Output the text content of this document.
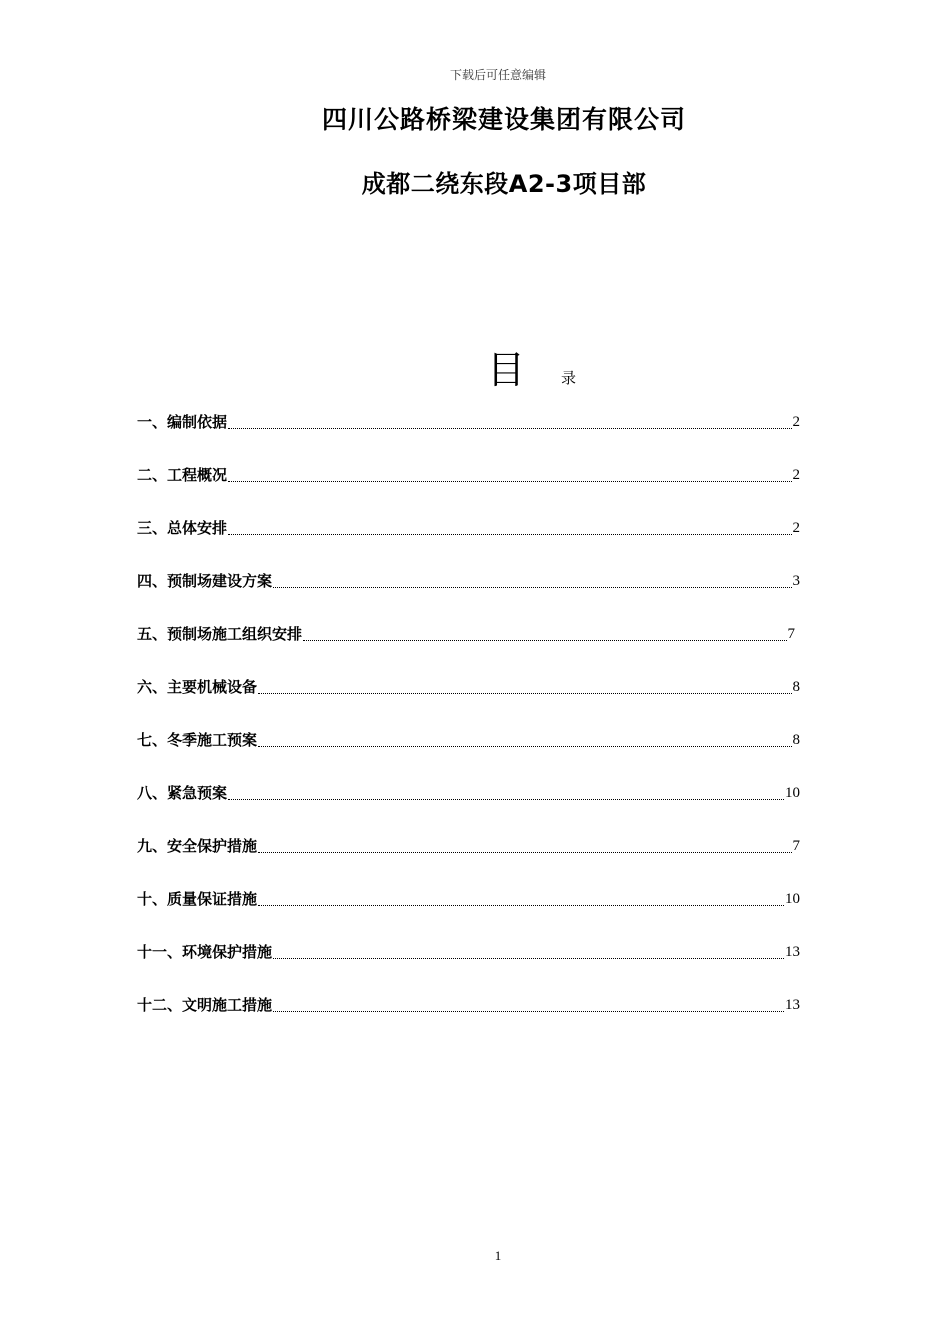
下载后可任意编辑
四川公路桥梁建设集团有限公司
成都二绕东段A2-3项目部
目 录
一、编制依据	2
二、工程概况	2
三、总体安排	2
四、预制场建设方案	3
五、预制场施工组织安排	7
六、主要机械设备	8
七、冬季施工预案	8
八、紧急预案	10
九、安全保护措施	7
十、质量保证措施	10
十一、环境保护措施	13
十二、文明施工措施	13
1
